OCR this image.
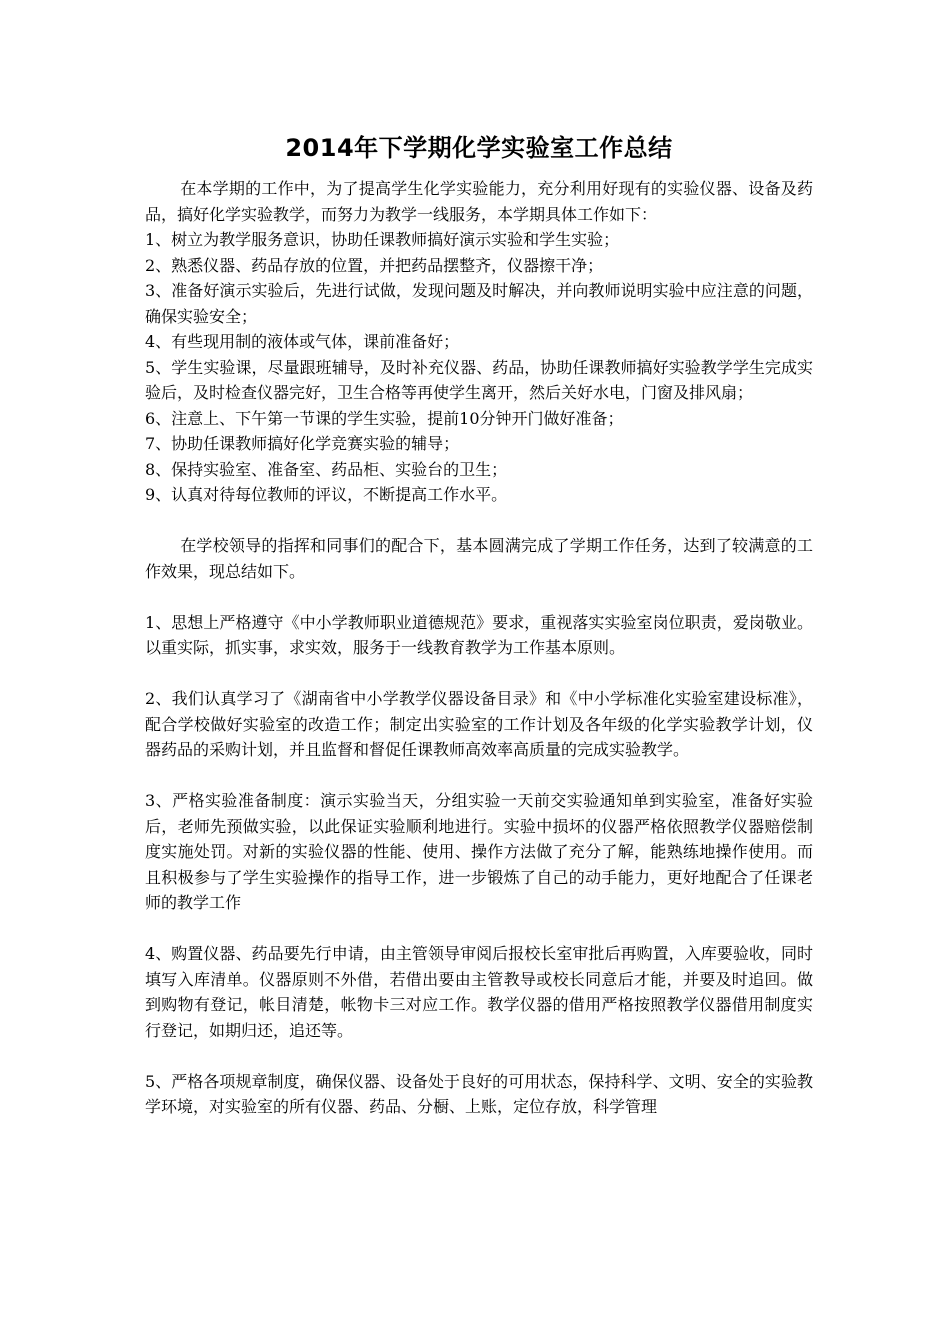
2014年下学期化学实验室工作总结

在本学期的工作中，为了提高学生化学实验能力，充分利用好现有的实验仪器、设备及药品，搞好化学实验教学，而努力为教学一线服务，本学期具体工作如下：

1、树立为教学服务意识，协助任课教师搞好演示实验和学生实验；

2、熟悉仪器、药品存放的位置，并把药品摆整齐，仪器擦干净；

3、准备好演示实验后，先进行试做，发现问题及时解决，并向教师说明实验中应注意的问题，确保实验安全；

4、有些现用制的液体或气体，课前准备好；

5、学生实验课，尽量跟班辅导，及时补充仪器、药品，协助任课教师搞好实验教学学生完成实验后，及时检查仪器完好，卫生合格等再使学生离开，然后关好水电，门窗及排风扇；

6、注意上、下午第一节课的学生实验，提前10分钟开门做好准备；

7、协助任课教师搞好化学竞赛实验的辅导；

8、保持实验室、准备室、药品柜、实验台的卫生；

9、认真对待每位教师的评议，不断提高工作水平。

在学校领导的指挥和同事们的配合下，基本圆满完成了学期工作任务，达到了较满意的工作效果，现总结如下。

1、思想上严格遵守《中小学教师职业道德规范》要求，重视落实实验室岗位职责，爱岗敬业。以重实际，抓实事，求实效，服务于一线教育教学为工作基本原则。

2、我们认真学习了《湖南省中小学教学仪器设备目录》和《中小学标准化实验室建设标准》，配合学校做好实验室的改造工作；制定出实验室的工作计划及各年级的化学实验教学计划，仪器药品的采购计划，并且监督和督促任课教师高效率高质量的完成实验教学。

3、严格实验准备制度：演示实验当天，分组实验一天前交实验通知单到实验室，准备好实验后，老师先预做实验，以此保证实验顺利地进行。实验中损坏的仪器严格依照教学仪器赔偿制度实施处罚。对新的实验仪器的性能、使用、操作方法做了充分了解，能熟练地操作使用。而且积极参与了学生实验操作的指导工作，进一步锻炼了自己的动手能力，更好地配合了任课老师的教学工作

4、购置仪器、药品要先行申请，由主管领导审阅后报校长室审批后再购置，入库要验收，同时填写入库清单。仪器原则不外借，若借出要由主管教导或校长同意后才能，并要及时追回。做到购物有登记，帐目清楚，帐物卡三对应工作。教学仪器的借用严格按照教学仪器借用制度实行登记，如期归还，追还等。

5、严格各项规章制度，确保仪器、设备处于良好的可用状态，保持科学、文明、安全的实验教学环境，对实验室的所有仪器、药品、分橱、上账，定位存放，科学管理
